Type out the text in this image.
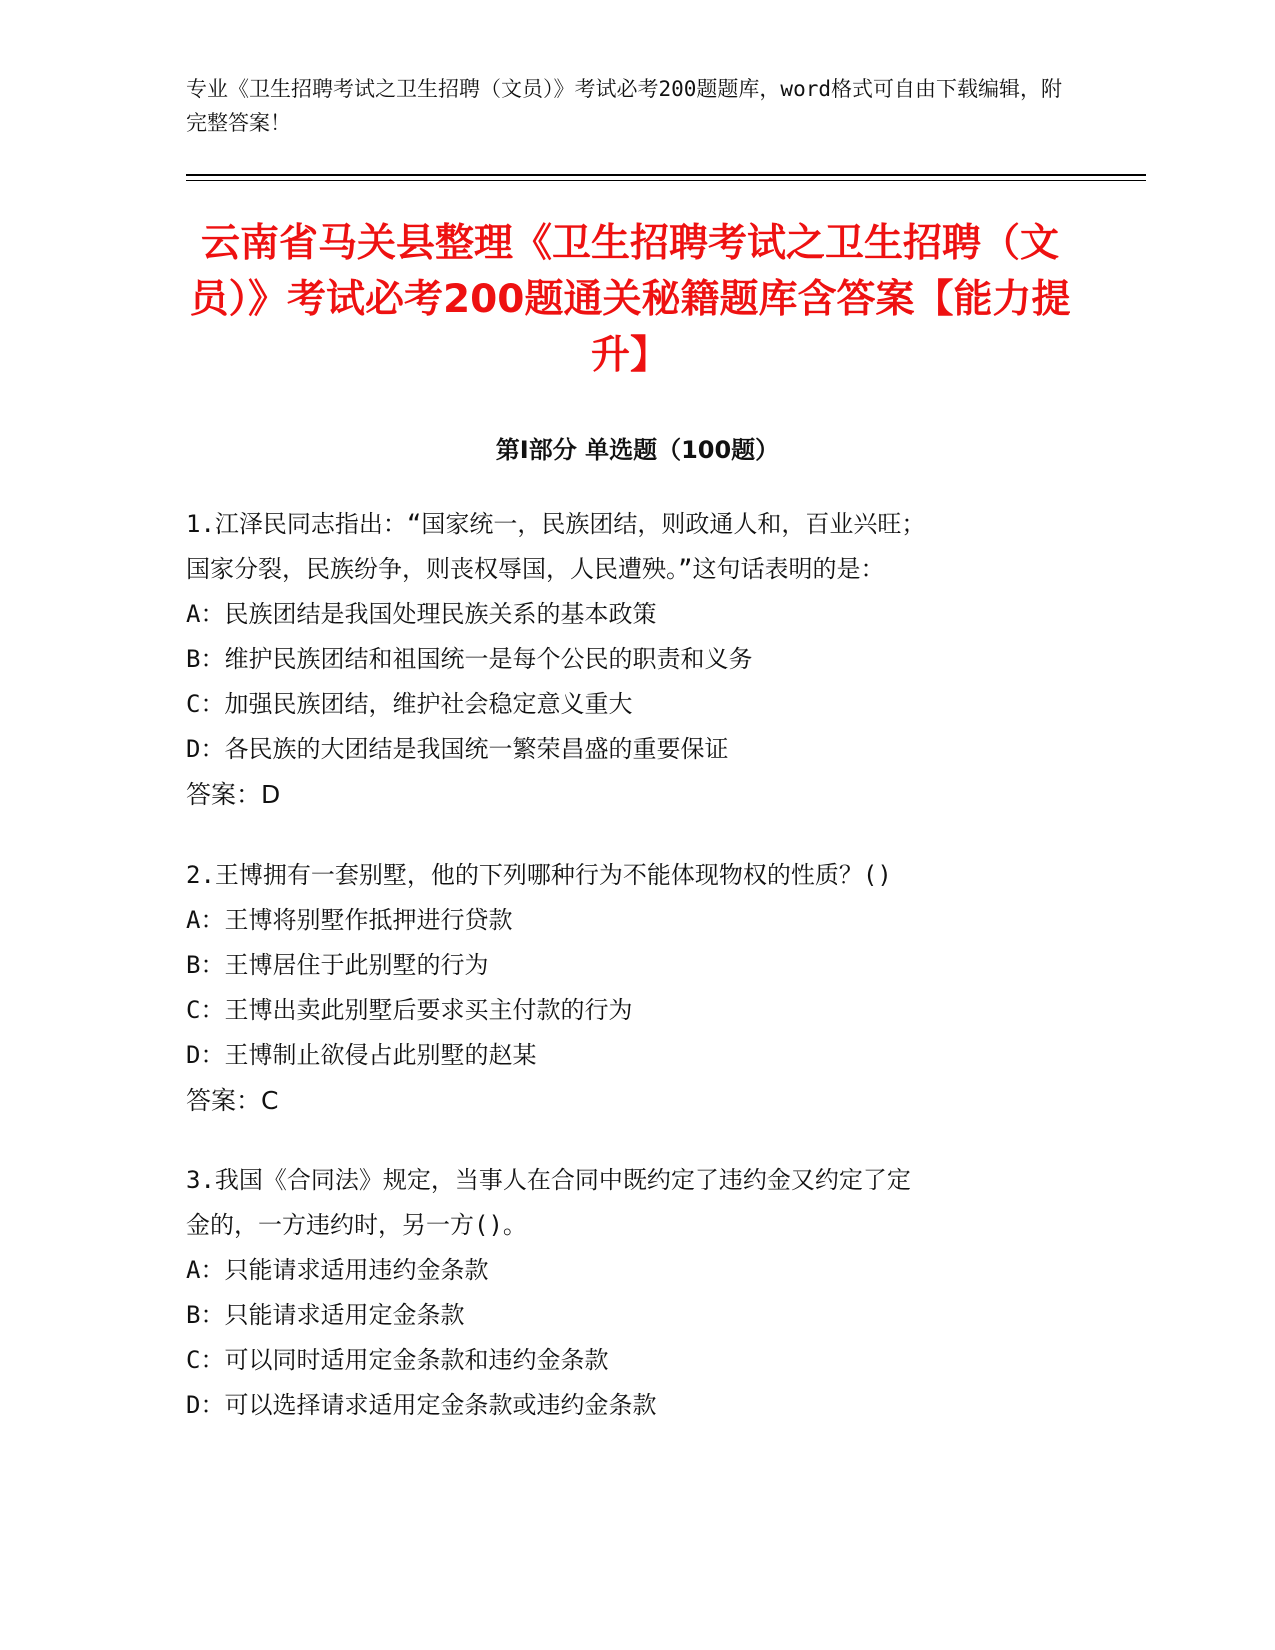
专业《卫生招聘考试之卫生招聘（文员）》考试必考200题题库，word格式可自由下载编辑，附完整答案！

云南省马关县整理《卫生招聘考试之卫生招聘（文员）》考试必考200题通关秘籍题库含答案【能力提升】
第Ⅰ部分 单选题（100题）

1.江泽民同志指出：“国家统一，民族团结，则政通人和，百业兴旺；

国家分裂，民族纷争，则丧权辱国，人民遭殃。”这句话表明的是：

A：民族团结是我国处理民族关系的基本政策

B：维护民族团结和祖国统一是每个公民的职责和义务

C：加强民族团结，维护社会稳定意义重大

D：各民族的大团结是我国统一繁荣昌盛的重要保证

答案：D

2.王博拥有一套别墅，他的下列哪种行为不能体现物权的性质？()

A：王博将别墅作抵押进行贷款

B：王博居住于此别墅的行为

C：王博出卖此别墅后要求买主付款的行为

D：王博制止欲侵占此别墅的赵某

答案：C

3.我国《合同法》规定，当事人在合同中既约定了违约金又约定了定

金的，一方违约时，另一方()。

A：只能请求适用违约金条款

B：只能请求适用定金条款

C：可以同时适用定金条款和违约金条款

D：可以选择请求适用定金条款或违约金条款
